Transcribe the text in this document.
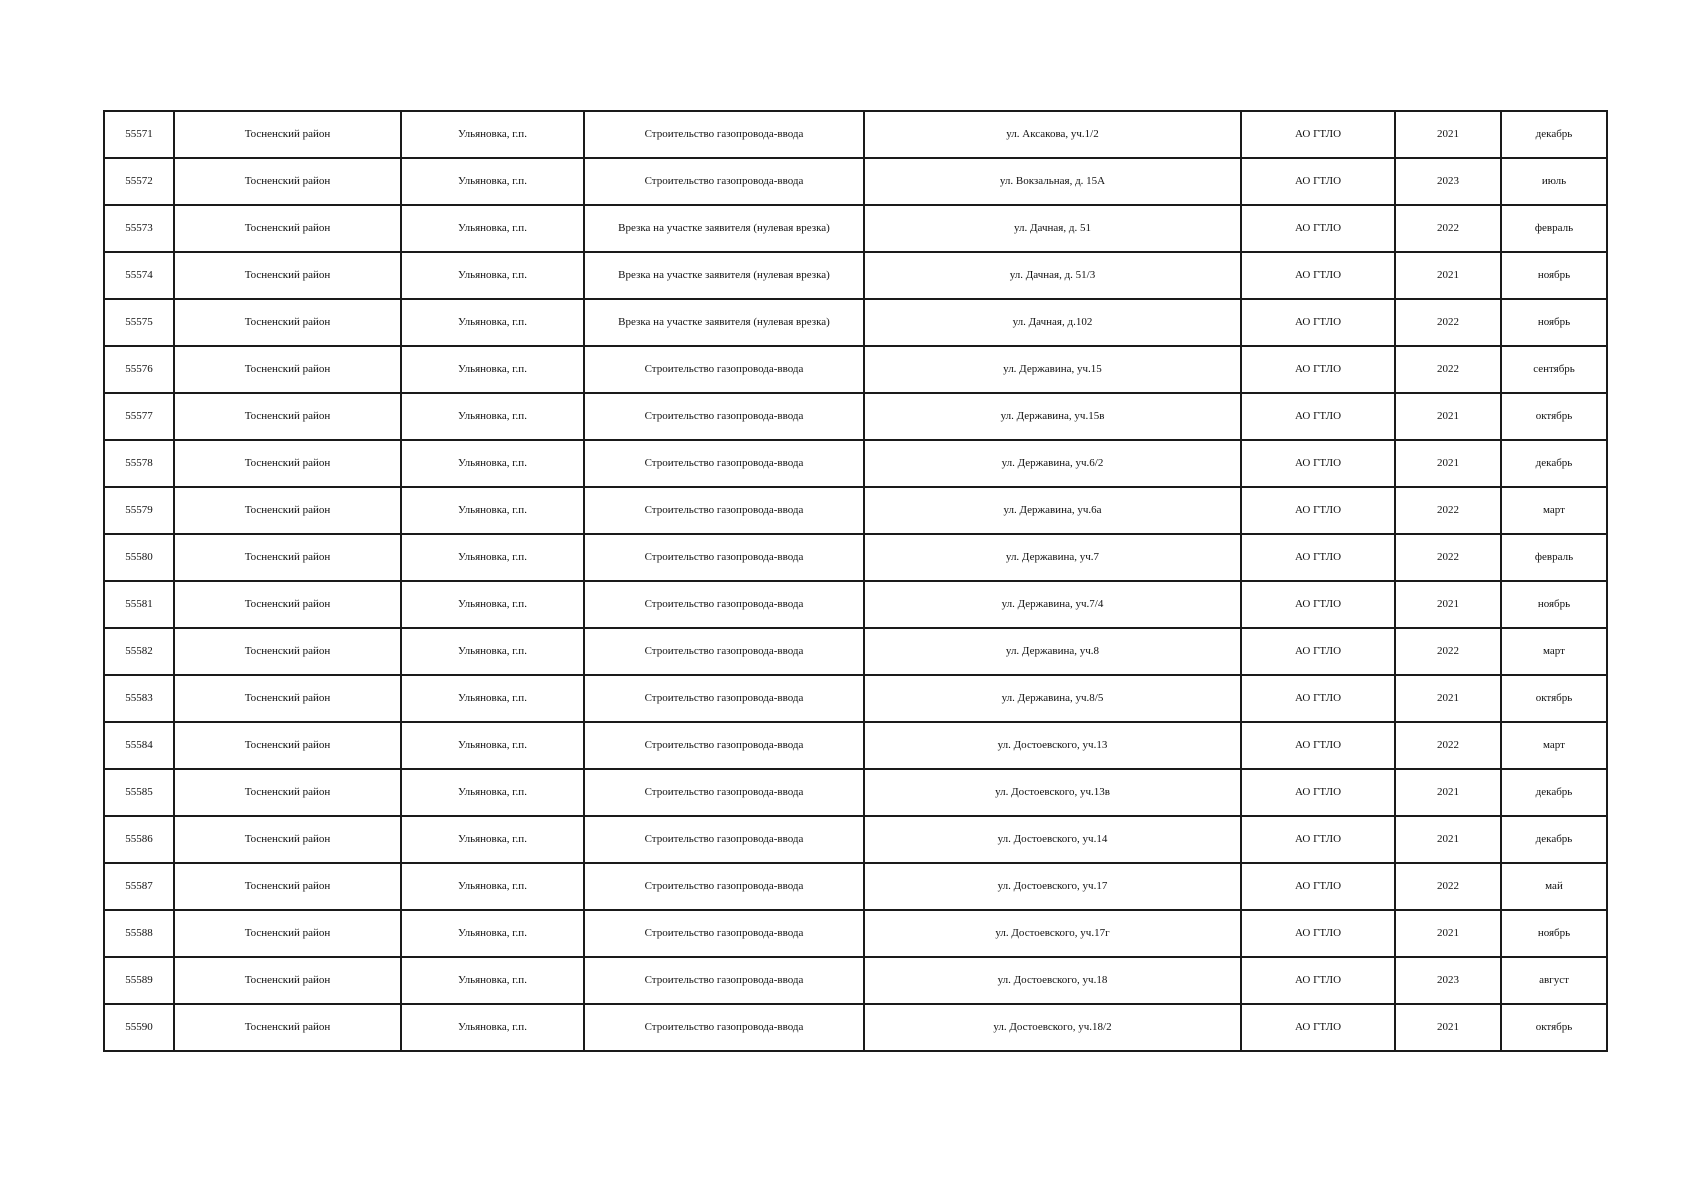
55571	Тосненский район	Ульяновка, г.п.	Строительство газопровода-ввода	ул. Аксакова, уч.1/2	АО ГТЛО	2021	декабрь
55572	Тосненский район	Ульяновка, г.п.	Строительство газопровода-ввода	ул. Вокзальная, д. 15А	АО ГТЛО	2023	июль
55573	Тосненский район	Ульяновка, г.п.	Врезка на участке заявителя (нулевая врезка)	ул. Дачная, д. 51	АО ГТЛО	2022	февраль
55574	Тосненский район	Ульяновка, г.п.	Врезка на участке заявителя (нулевая врезка)	ул. Дачная, д. 51/3	АО ГТЛО	2021	ноябрь
55575	Тосненский район	Ульяновка, г.п.	Врезка на участке заявителя (нулевая врезка)	ул. Дачная, д.102	АО ГТЛО	2022	ноябрь
55576	Тосненский район	Ульяновка, г.п.	Строительство газопровода-ввода	ул. Державина, уч.15	АО ГТЛО	2022	сентябрь
55577	Тосненский район	Ульяновка, г.п.	Строительство газопровода-ввода	ул. Державина, уч.15в	АО ГТЛО	2021	октябрь
55578	Тосненский район	Ульяновка, г.п.	Строительство газопровода-ввода	ул. Державина, уч.6/2	АО ГТЛО	2021	декабрь
55579	Тосненский район	Ульяновка, г.п.	Строительство газопровода-ввода	ул. Державина, уч.6а	АО ГТЛО	2022	март
55580	Тосненский район	Ульяновка, г.п.	Строительство газопровода-ввода	ул. Державина, уч.7	АО ГТЛО	2022	февраль
55581	Тосненский район	Ульяновка, г.п.	Строительство газопровода-ввода	ул. Державина, уч.7/4	АО ГТЛО	2021	ноябрь
55582	Тосненский район	Ульяновка, г.п.	Строительство газопровода-ввода	ул. Державина, уч.8	АО ГТЛО	2022	март
55583	Тосненский район	Ульяновка, г.п.	Строительство газопровода-ввода	ул. Державина, уч.8/5	АО ГТЛО	2021	октябрь
55584	Тосненский район	Ульяновка, г.п.	Строительство газопровода-ввода	ул. Достоевского, уч.13	АО ГТЛО	2022	март
55585	Тосненский район	Ульяновка, г.п.	Строительство газопровода-ввода	ул. Достоевского, уч.13в	АО ГТЛО	2021	декабрь
55586	Тосненский район	Ульяновка, г.п.	Строительство газопровода-ввода	ул. Достоевского, уч.14	АО ГТЛО	2021	декабрь
55587	Тосненский район	Ульяновка, г.п.	Строительство газопровода-ввода	ул. Достоевского, уч.17	АО ГТЛО	2022	май
55588	Тосненский район	Ульяновка, г.п.	Строительство газопровода-ввода	ул. Достоевского, уч.17г	АО ГТЛО	2021	ноябрь
55589	Тосненский район	Ульяновка, г.п.	Строительство газопровода-ввода	ул. Достоевского, уч.18	АО ГТЛО	2023	август
55590	Тосненский район	Ульяновка, г.п.	Строительство газопровода-ввода	ул. Достоевского, уч.18/2	АО ГТЛО	2021	октябрь
